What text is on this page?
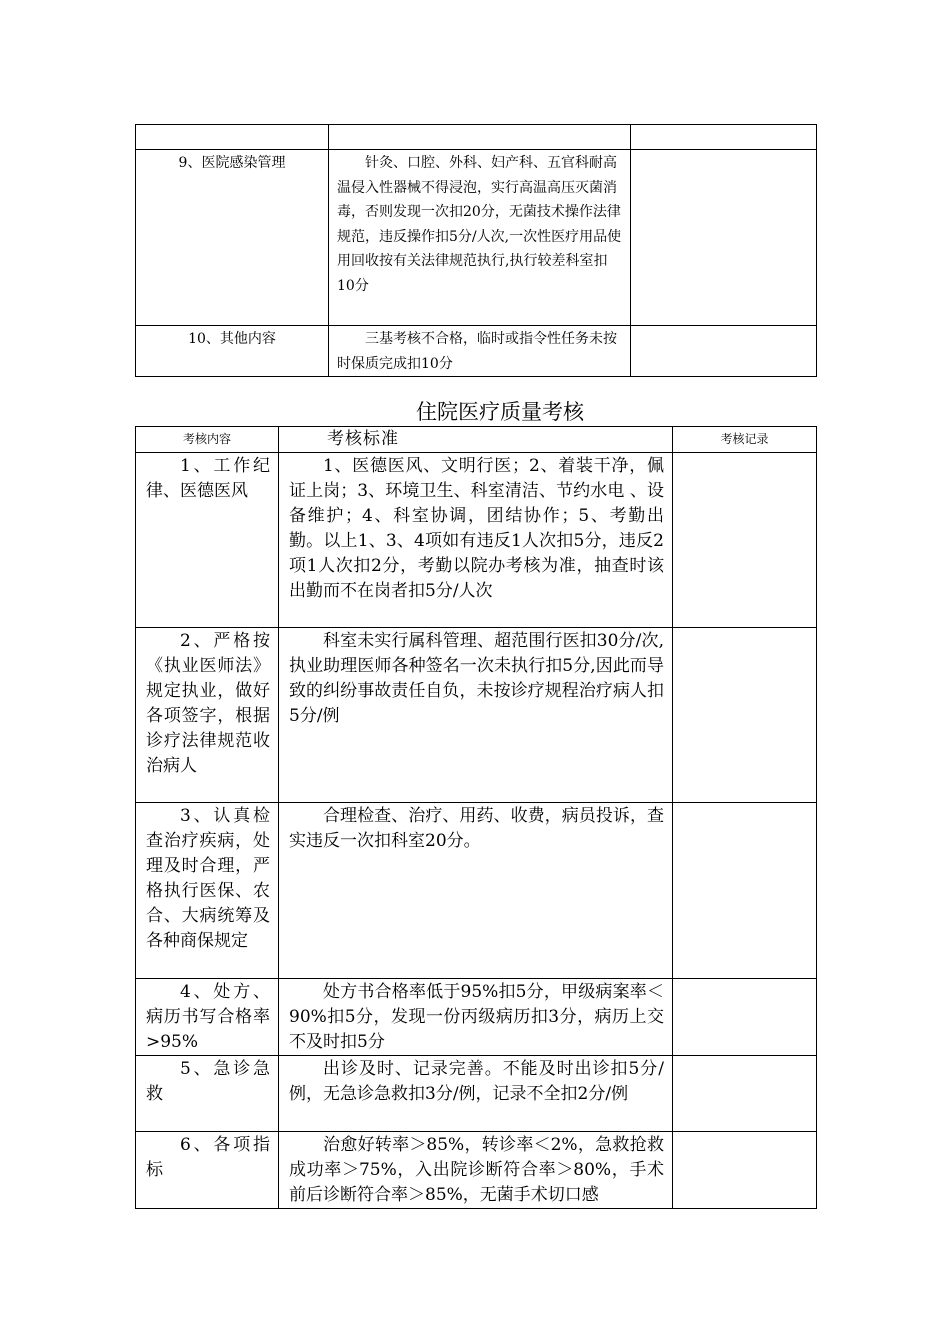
9、医院感染管理	针灸、口腔、外科、妇产科、五官科耐高温侵入性器械不得浸泡，实行高温高压灭菌消毒，否则发现一次扣20分，无菌技术操作法律规范，违反操作扣5分/人次,一次性医疗用品使用回收按有关法律规范执行,执行较差科室扣10分	
10、其他内容	三基考核不合格，临时或指令性任务未按时保质完成扣10分	
住院医疗质量考核
考核内容	考核标准	考核记录
1、工作纪律、医德医风	1、医德医风、文明行医；2、着装干净，佩证上岗；3、环境卫生、科室清洁、节约水电 、设备维护；4、科室协调，团结协作；5、考勤出勤。以上1、3、4项如有违反1人次扣5分，违反2项1人次扣2分，考勤以院办考核为准，抽查时该出勤而不在岗者扣5分/人次	
2、严格按《执业医师法》规定执业，做好各项签字，根据诊疗法律规范收治病人	科室未实行属科管理、超范围行医扣30分/次,执业助理医师各种签名一次未执行扣5分,因此而导致的纠纷事故责任自负，未按诊疗规程治疗病人扣5分/例	
3、认真检查治疗疾病，处理及时合理，严格执行医保、农合、大病统筹及各种商保规定	合理检查、治疗、用药、收费，病员投诉，查实违反一次扣科室20分。	
4、处方、病历书写合格率>95%	处方书合格率低于95%扣5分，甲级病案率＜90%扣5分，发现一份丙级病历扣3分，病历上交不及时扣5分	
5、急诊急救	出诊及时、记录完善。不能及时出诊扣5分/例，无急诊急救扣3分/例，记录不全扣2分/例	
6、各项指标	治愈好转率＞85%，转诊率＜2%，急救抢救成功率＞75%，入出院诊断符合率＞80%，手术前后诊断符合率＞85%，无菌手术切口感	
